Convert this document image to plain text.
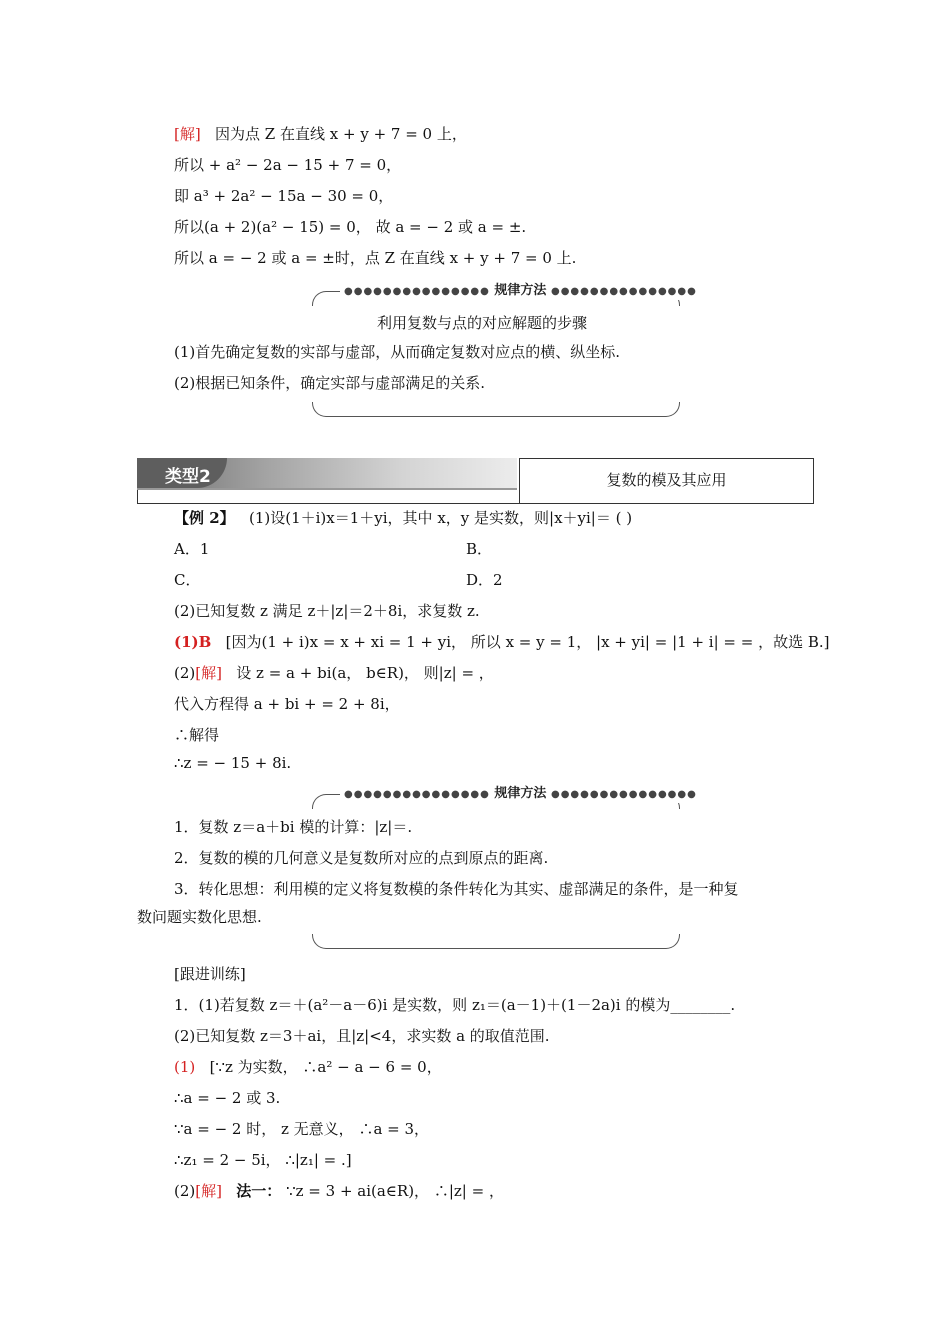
[解] 因为点 Z 在直线 x + y + 7 = 0 上，
所以 + a² − 2a − 15 + 7 = 0，
即 a³ + 2a² − 15a − 30 = 0，
所以(a + 2)(a² − 15) = 0， 故 a = − 2 或 a = ±.
所以 a = − 2 或 a = ±时，点 Z 在直线 x + y + 7 = 0 上.
●●●●●●●●●●●●●●● 规律方法 ●●●●●●●●●●●●●●●
利用复数与点的对应解题的步骤
(1)首先确定复数的实部与虚部，从而确定复数对应点的横、纵坐标.
(2)根据已知条件，确定实部与虚部满足的关系.
类型2	复数的模及其应用
【例 2】 (1)设(1＋i)x＝1＋yi，其中 x，y 是实数，则|x＋yi|＝ ( )
A．1	B．
C．	D．2
(2)已知复数 z 满足 z＋|z|＝2＋8i，求复数 z.
(1)B [因为(1 + i)x = x + xi = 1 + yi， 所以 x = y = 1， |x + yi| = |1 + i| = = ，故选 B.]
(2)[解] 设 z = a + bi(a， b∈R)， 则|z| = ，
代入方程得 a + bi + = 2 + 8i，
∴解得
∴z = − 15 + 8i.
●●●●●●●●●●●●●●● 规律方法 ●●●●●●●●●●●●●●●
1．复数 z＝a＋bi 模的计算：|z|＝.
2．复数的模的几何意义是复数所对应的点到原点的距离.
3．转化思想：利用模的定义将复数模的条件转化为其实、虚部满足的条件，是一种复
数问题实数化思想.
[跟进训练]
1．(1)若复数 z＝＋(a²－a－6)i 是实数，则 z₁＝(a－1)＋(1－2a)i 的模为________.
(2)已知复数 z＝3＋ai，且|z|<4，求实数 a 的取值范围.
(1) [∵z 为实数， ∴a² − a − 6 = 0，
∴a = − 2 或 3.
∵a = − 2 时， z 无意义， ∴a = 3，
∴z₁ = 2 − 5i， ∴|z₁| = .]
(2)[解] 法一： ∵z = 3 + ai(a∈R)， ∴|z| = ，
